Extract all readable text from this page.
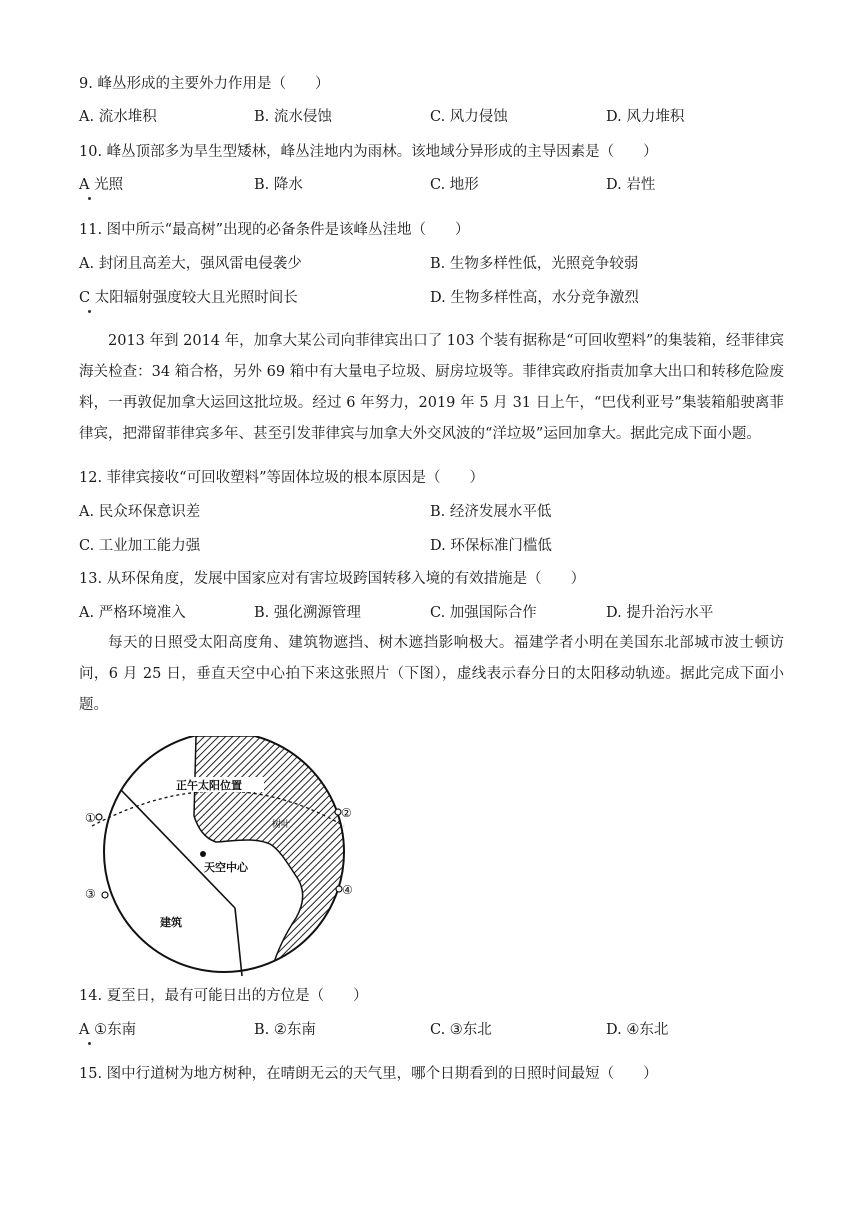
9. 峰丛形成的主要外力作用是（　　）
A. 流水堆积	B. 流水侵蚀	C. 风力侵蚀	D. 风力堆积
10. 峰丛顶部多为旱生型矮林，峰丛洼地内为雨林。该地域分异形成的主导因素是（　　）
A 光照	B. 降水	C. 地形	D. 岩性
11. 图中所示“最高树”出现的必备条件是该峰丛洼地（　　）
A. 封闭且高差大，强风雷电侵袭少	B. 生物多样性低，光照竞争较弱
C 太阳辐射强度较大且光照时间长	D. 生物多样性高，水分竞争激烈
2013 年到 2014 年，加拿大某公司向菲律宾出口了 103 个装有据称是“可回收塑料”的集装箱，经菲律宾海关检查：34 箱合格，另外 69 箱中有大量电子垃圾、厨房垃圾等。菲律宾政府指责加拿大出口和转移危险废料，一再敦促加拿大运回这批垃圾。经过 6 年努力，2019 年 5 月 31 日上午，“巴伐利亚号”集装箱船驶离菲律宾，把滞留菲律宾多年、甚至引发菲律宾与加拿大外交风波的“洋垃圾”运回加拿大。据此完成下面小题。
12. 菲律宾接收“可回收塑料”等固体垃圾的根本原因是（　　）
A. 民众环保意识差	B. 经济发展水平低
C. 工业加工能力强	D. 环保标准门槛低
13. 从环保角度，发展中国家应对有害垃圾跨国转移入境的有效措施是（　　）
A. 严格环境准入	B. 强化溯源管理	C. 加强国际合作	D. 提升治污水平
每天的日照受太阳高度角、建筑物遮挡、树木遮挡影响极大。福建学者小明在美国东北部城市波士顿访问，6 月 25 日，垂直天空中心拍下来这张照片（下图），虚线表示春分日的太阳移动轨迹。据此完成下面小题。
正午太阳位置
树叶
天空中心
建筑
①	②
③	④
14. 夏至日，最有可能日出的方位是（　　）
A ①东南	B. ②东南	C. ③东北	D. ④东北
15. 图中行道树为地方树种，在晴朗无云的天气里，哪个日期看到的日照时间最短（　　）
